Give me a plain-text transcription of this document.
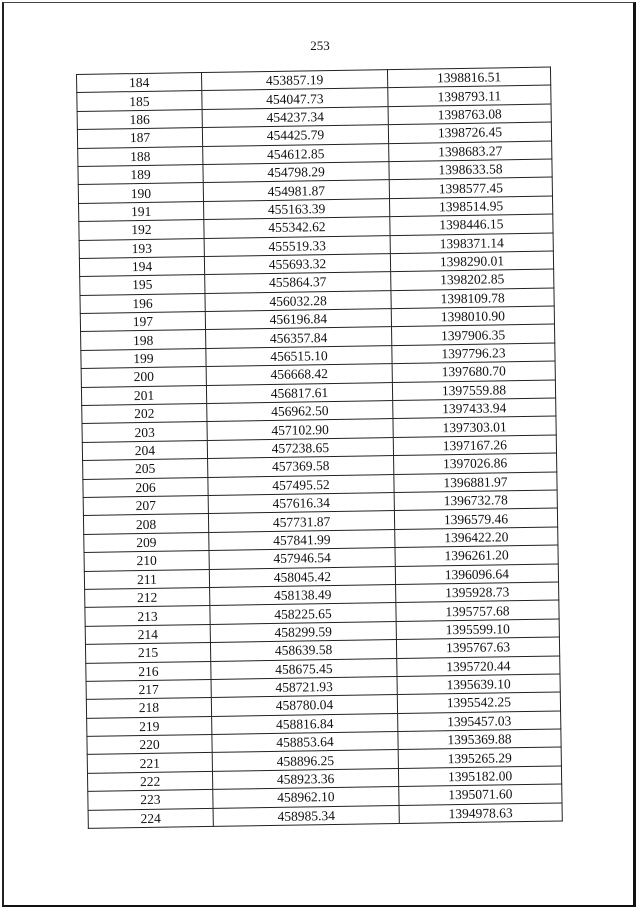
253
184	453857.19	1398816.51
185	454047.73	1398793.11
186	454237.34	1398763.08
187	454425.79	1398726.45
188	454612.85	1398683.27
189	454798.29	1398633.58
190	454981.87	1398577.45
191	455163.39	1398514.95
192	455342.62	1398446.15
193	455519.33	1398371.14
194	455693.32	1398290.01
195	455864.37	1398202.85
196	456032.28	1398109.78
197	456196.84	1398010.90
198	456357.84	1397906.35
199	456515.10	1397796.23
200	456668.42	1397680.70
201	456817.61	1397559.88
202	456962.50	1397433.94
203	457102.90	1397303.01
204	457238.65	1397167.26
205	457369.58	1397026.86
206	457495.52	1396881.97
207	457616.34	1396732.78
208	457731.87	1396579.46
209	457841.99	1396422.20
210	457946.54	1396261.20
211	458045.42	1396096.64
212	458138.49	1395928.73
213	458225.65	1395757.68
214	458299.59	1395599.10
215	458639.58	1395767.63
216	458675.45	1395720.44
217	458721.93	1395639.10
218	458780.04	1395542.25
219	458816.84	1395457.03
220	458853.64	1395369.88
221	458896.25	1395265.29
222	458923.36	1395182.00
223	458962.10	1395071.60
224	458985.34	1394978.63
